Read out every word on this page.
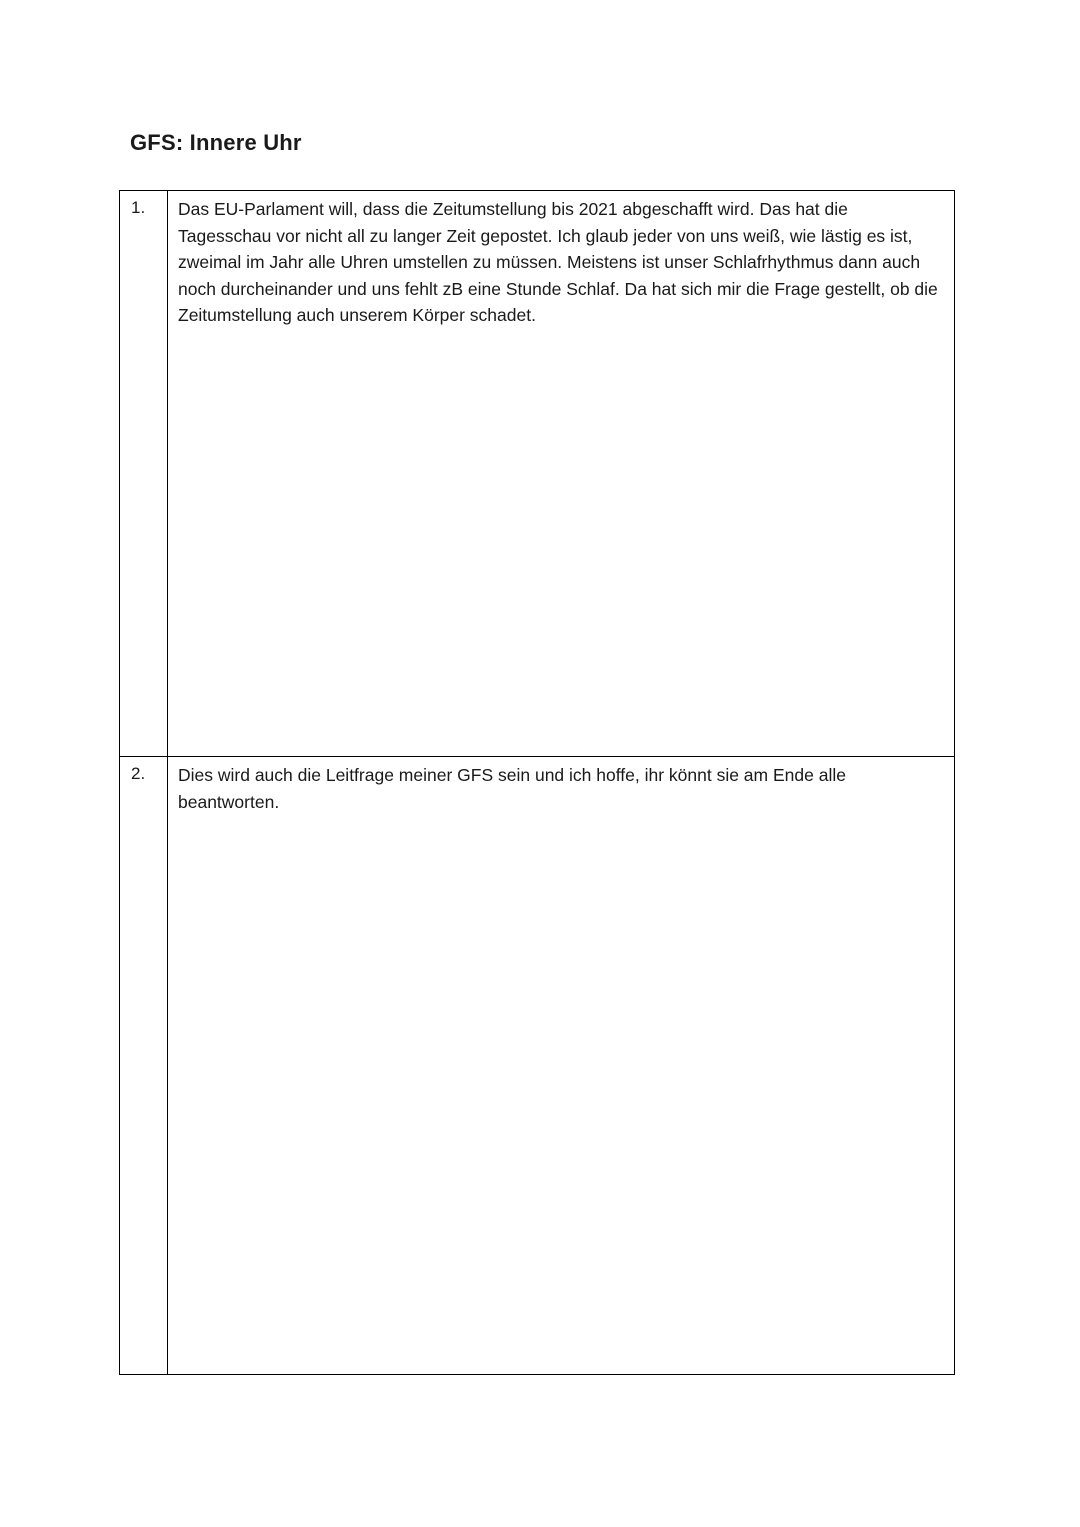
GFS: Innere Uhr
1.	Das EU-Parlament will, dass die Zeitumstellung bis 2021 abgeschafft wird. Das hat die Tagesschau vor nicht all zu langer Zeit gepostet. Ich glaub jeder von uns weiß, wie lästig es ist, zweimal im Jahr alle Uhren umstellen zu müssen. Meistens ist unser Schlafrhythmus dann auch noch durcheinander und uns fehlt zB eine Stunde Schlaf. Da hat sich mir die Frage gestellt, ob die Zeitumstellung auch unserem Körper schadet.

2.	Dies wird auch die Leitfrage meiner GFS sein und ich hoffe, ihr könnt sie am Ende alle beantworten.
